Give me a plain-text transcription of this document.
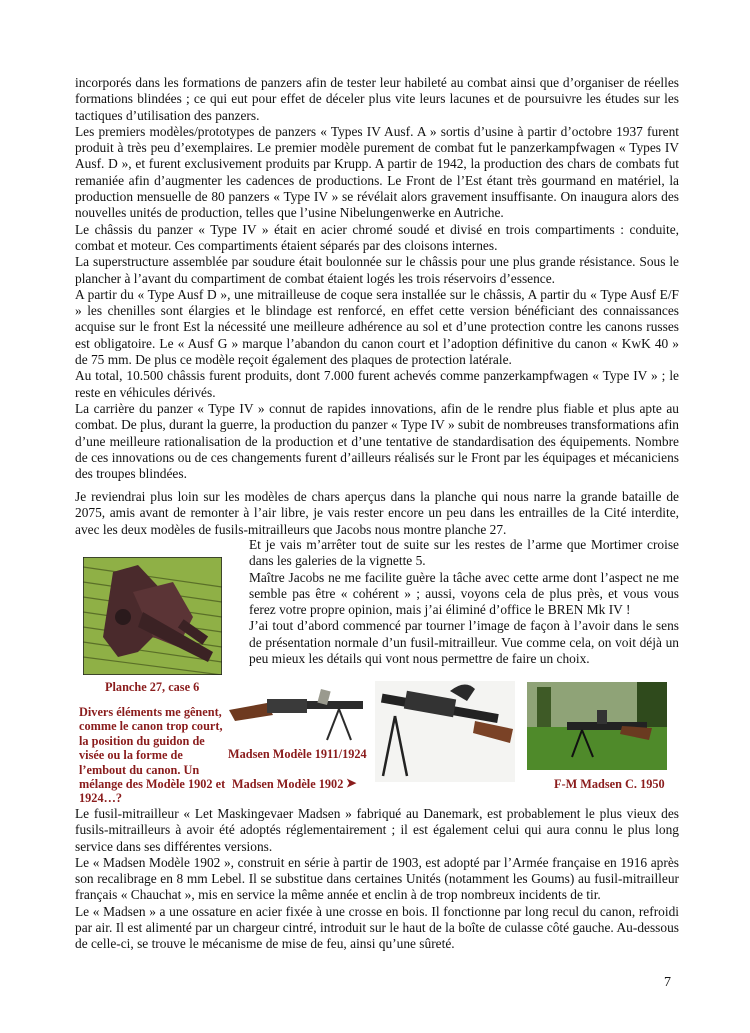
incorporés dans les formations de panzers afin de tester leur habileté au combat ainsi que d’organiser de réelles formations blindées ; ce qui eut pour effet de déceler plus vite leurs lacunes et de poursuivre les études sur les tactiques d’utilisation des panzers.
Les premiers modèles/prototypes de panzers « Types IV Ausf. A » sortis d’usine à partir d’octobre 1937 furent produit à très peu d’exemplaires. Le premier modèle purement de combat fut le panzerkampfwagen « Types IV Ausf. D », et furent exclusivement produits par Krupp. A partir de 1942, la production des chars de combats fut remaniée afin d’augmenter les cadences de productions. Le Front de l’Est étant très gourmand en matériel, la production mensuelle de 80 panzers « Type IV » se révélait alors gravement insuffisante. On inaugura alors des nouvelles unités de production, telles que l’usine Nibelungenwerke en Autriche.
Le châssis du panzer « Type IV » était en acier chromé soudé et divisé en trois compartiments : conduite, combat et moteur. Ces compartiments étaient séparés par des cloisons internes.
La superstructure assemblée par soudure était boulonnée sur le châssis pour une plus grande résistance. Sous le plancher à l’avant du compartiment de combat étaient logés les trois réservoirs d’essence.
A partir du « Type Ausf D », une mitrailleuse de coque sera installée sur le châssis, A partir du « Type Ausf E/F » les chenilles sont élargies et le blindage est renforcé, en effet cette version bénéficiant des connaissances acquise sur le front Est la nécessité une meilleure adhérence au sol et d’une protection contre les canons russes est obligatoire. Le « Ausf G » marque l’abandon du canon court et l’adoption définitive du canon « KwK 40 » de 75 mm. De plus ce modèle reçoit également des plaques de protection latérale.
Au total, 10.500 châssis furent produits, dont 7.000 furent achevés comme panzerkampfwagen « Type IV » ; le reste en véhicules dérivés.
La carrière du panzer « Type IV » connut de rapides innovations, afin de le rendre plus fiable et plus apte au combat. De plus, durant la guerre, la production du panzer « Type IV » subit de nombreuses transformations afin d’une meilleure rationalisation de la production et d’une tentative de standardisation des équipements. Nombre de ces innovations ou de ces changements furent d’ailleurs réalisés sur le Front par les équipages et mécaniciens des troupes blindées.
Je reviendrai plus loin sur les modèles de chars aperçus dans la planche qui nous narre la grande bataille de 2075, amis avant de remonter à l’air libre, je vais rester encore un peu dans les entrailles de la Cité interdite, avec les deux modèles de fusils-mitrailleurs que Jacobs nous montre planche 27.

Planche 27, case 6

Et je vais m’arrêter tout de suite sur les restes de l’arme que Mortimer croise dans les galeries de la vignette 5.
Maître Jacobs ne me facilite guère la tâche avec cette arme dont l’aspect ne me semble pas être « cohérent » ; aussi, voyons cela de plus près, et vous vous ferez votre propre opinion, mais j’ai éliminé d’office le BREN Mk IV !
J’ai tout d’abord commencé par tourner l’image de façon à l’avoir dans le sens de présentation normale d’un fusil-mitrailleur. Vue comme cela, on voit déjà un peu mieux les détails qui vont nous permettre de faire un choix.

Divers éléments me gênent, comme le canon trop court, la position du guidon de visée ou la forme de l’embout du canon. Un mélange des Modèle 1902 et 1924…?

Madsen Modèle 1911/1924

Madsen Modèle 1902 ➤	F-M Madsen C. 1950

Le fusil-mitrailleur « Let Maskingevaer Madsen » fabriqué au Danemark, est probablement le plus vieux des fusils-mitrailleurs à avoir été adoptés réglementairement ; il est également celui qui aura connu le plus long service dans ses différentes versions.
Le « Madsen Modèle 1902 », construit en série à partir de 1903, est adopté par l’Armée française en 1916 après son recalibrage en 8 mm Lebel. Il se substitue dans certaines Unités (notamment les Goums) au fusil-mitrailleur français « Chauchat », mis en service la même année et enclin à de trop nombreux incidents de tir.
Le « Madsen » a une ossature en acier fixée à une crosse en bois. Il fonctionne par long recul du canon, refroidi par air. Il est alimenté par un chargeur cintré, introduit sur le haut de la boîte de culasse côté gauche. Au-dessous de celle-ci, se trouve le mécanisme de mise de feu, ainsi qu’une sûreté.
7
